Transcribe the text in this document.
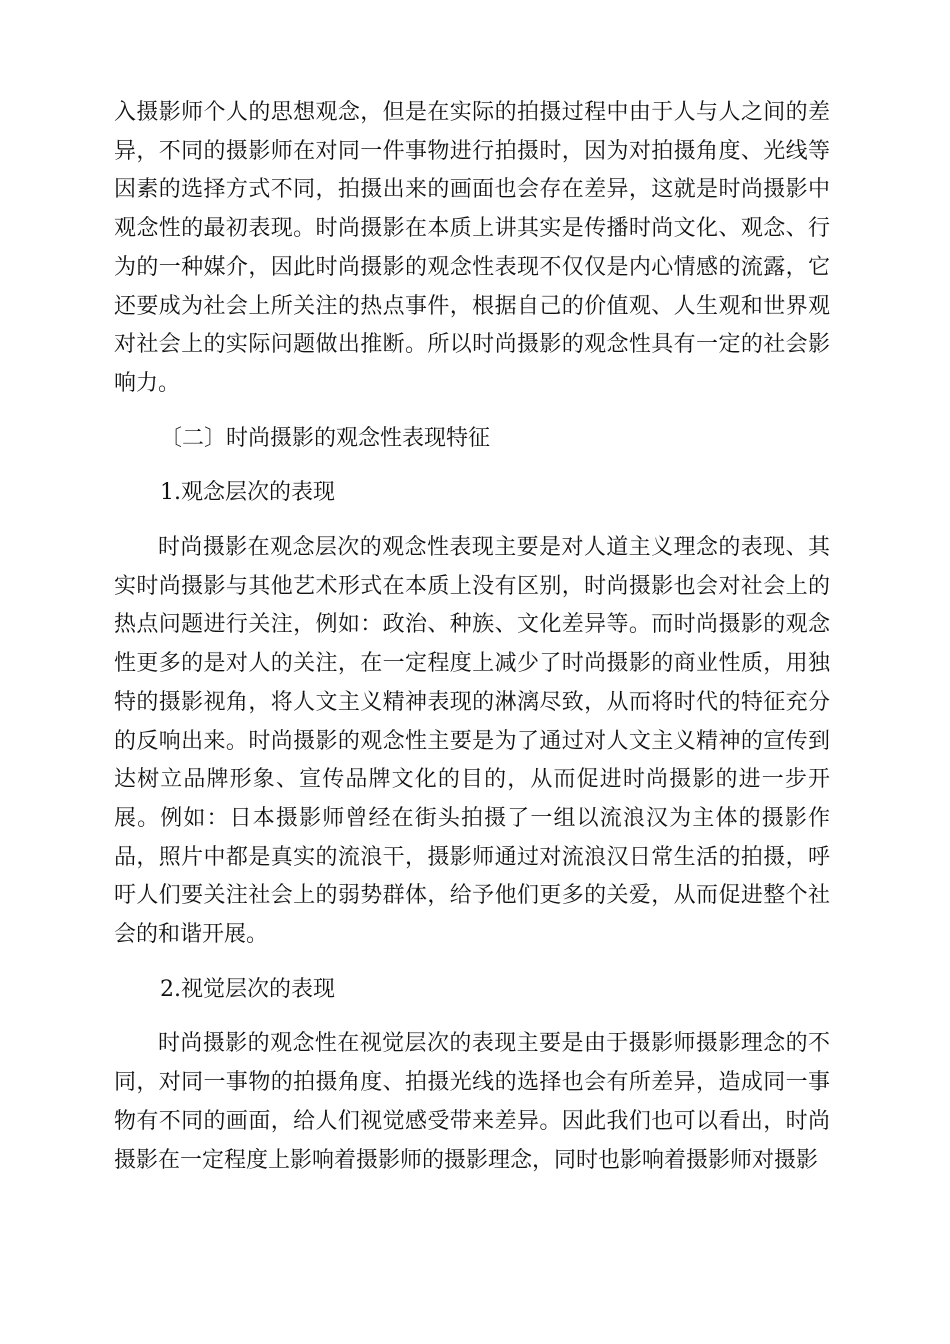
入摄影师个人的思想观念，但是在实际的拍摄过程中由于人与人之间的差异，不同的摄影师在对同一件事物进行拍摄时，因为对拍摄角度、光线等因素的选择方式不同，拍摄出来的画面也会存在差异，这就是时尚摄影中观念性的最初表现。时尚摄影在本质上讲其实是传播时尚文化、观念、行为的一种媒介，因此时尚摄影的观念性表现不仅仅是内心情感的流露，它还要成为社会上所关注的热点事件，根据自己的价值观、人生观和世界观对社会上的实际问题做出推断。所以时尚摄影的观念性具有一定的社会影响力。

〔二〕时尚摄影的观念性表现特征

1.观念层次的表现

时尚摄影在观念层次的观念性表现主要是对人道主义理念的表现、其实时尚摄影与其他艺术形式在本质上没有区别，时尚摄影也会对社会上的热点问题进行关注，例如：政治、种族、文化差异等。而时尚摄影的观念性更多的是对人的关注，在一定程度上减少了时尚摄影的商业性质，用独特的摄影视角，将人文主义精神表现的淋漓尽致，从而将时代的特征充分的反响出来。时尚摄影的观念性主要是为了通过对人文主义精神的宣传到达树立品牌形象、宣传品牌文化的目的，从而促进时尚摄影的进一步开展。例如：日本摄影师曾经在街头拍摄了一组以流浪汉为主体的摄影作品，照片中都是真实的流浪干，摄影师通过对流浪汉日常生活的拍摄，呼吁人们要关注社会上的弱势群体，给予他们更多的关爱，从而促进整个社会的和谐开展。

2.视觉层次的表现

时尚摄影的观念性在视觉层次的表现主要是由于摄影师摄影理念的不同，对同一事物的拍摄角度、拍摄光线的选择也会有所差异，造成同一事物有不同的画面，给人们视觉感受带来差异。因此我们也可以看出，时尚摄影在一定程度上影响着摄影师的摄影理念，同时也影响着摄影师对摄影
